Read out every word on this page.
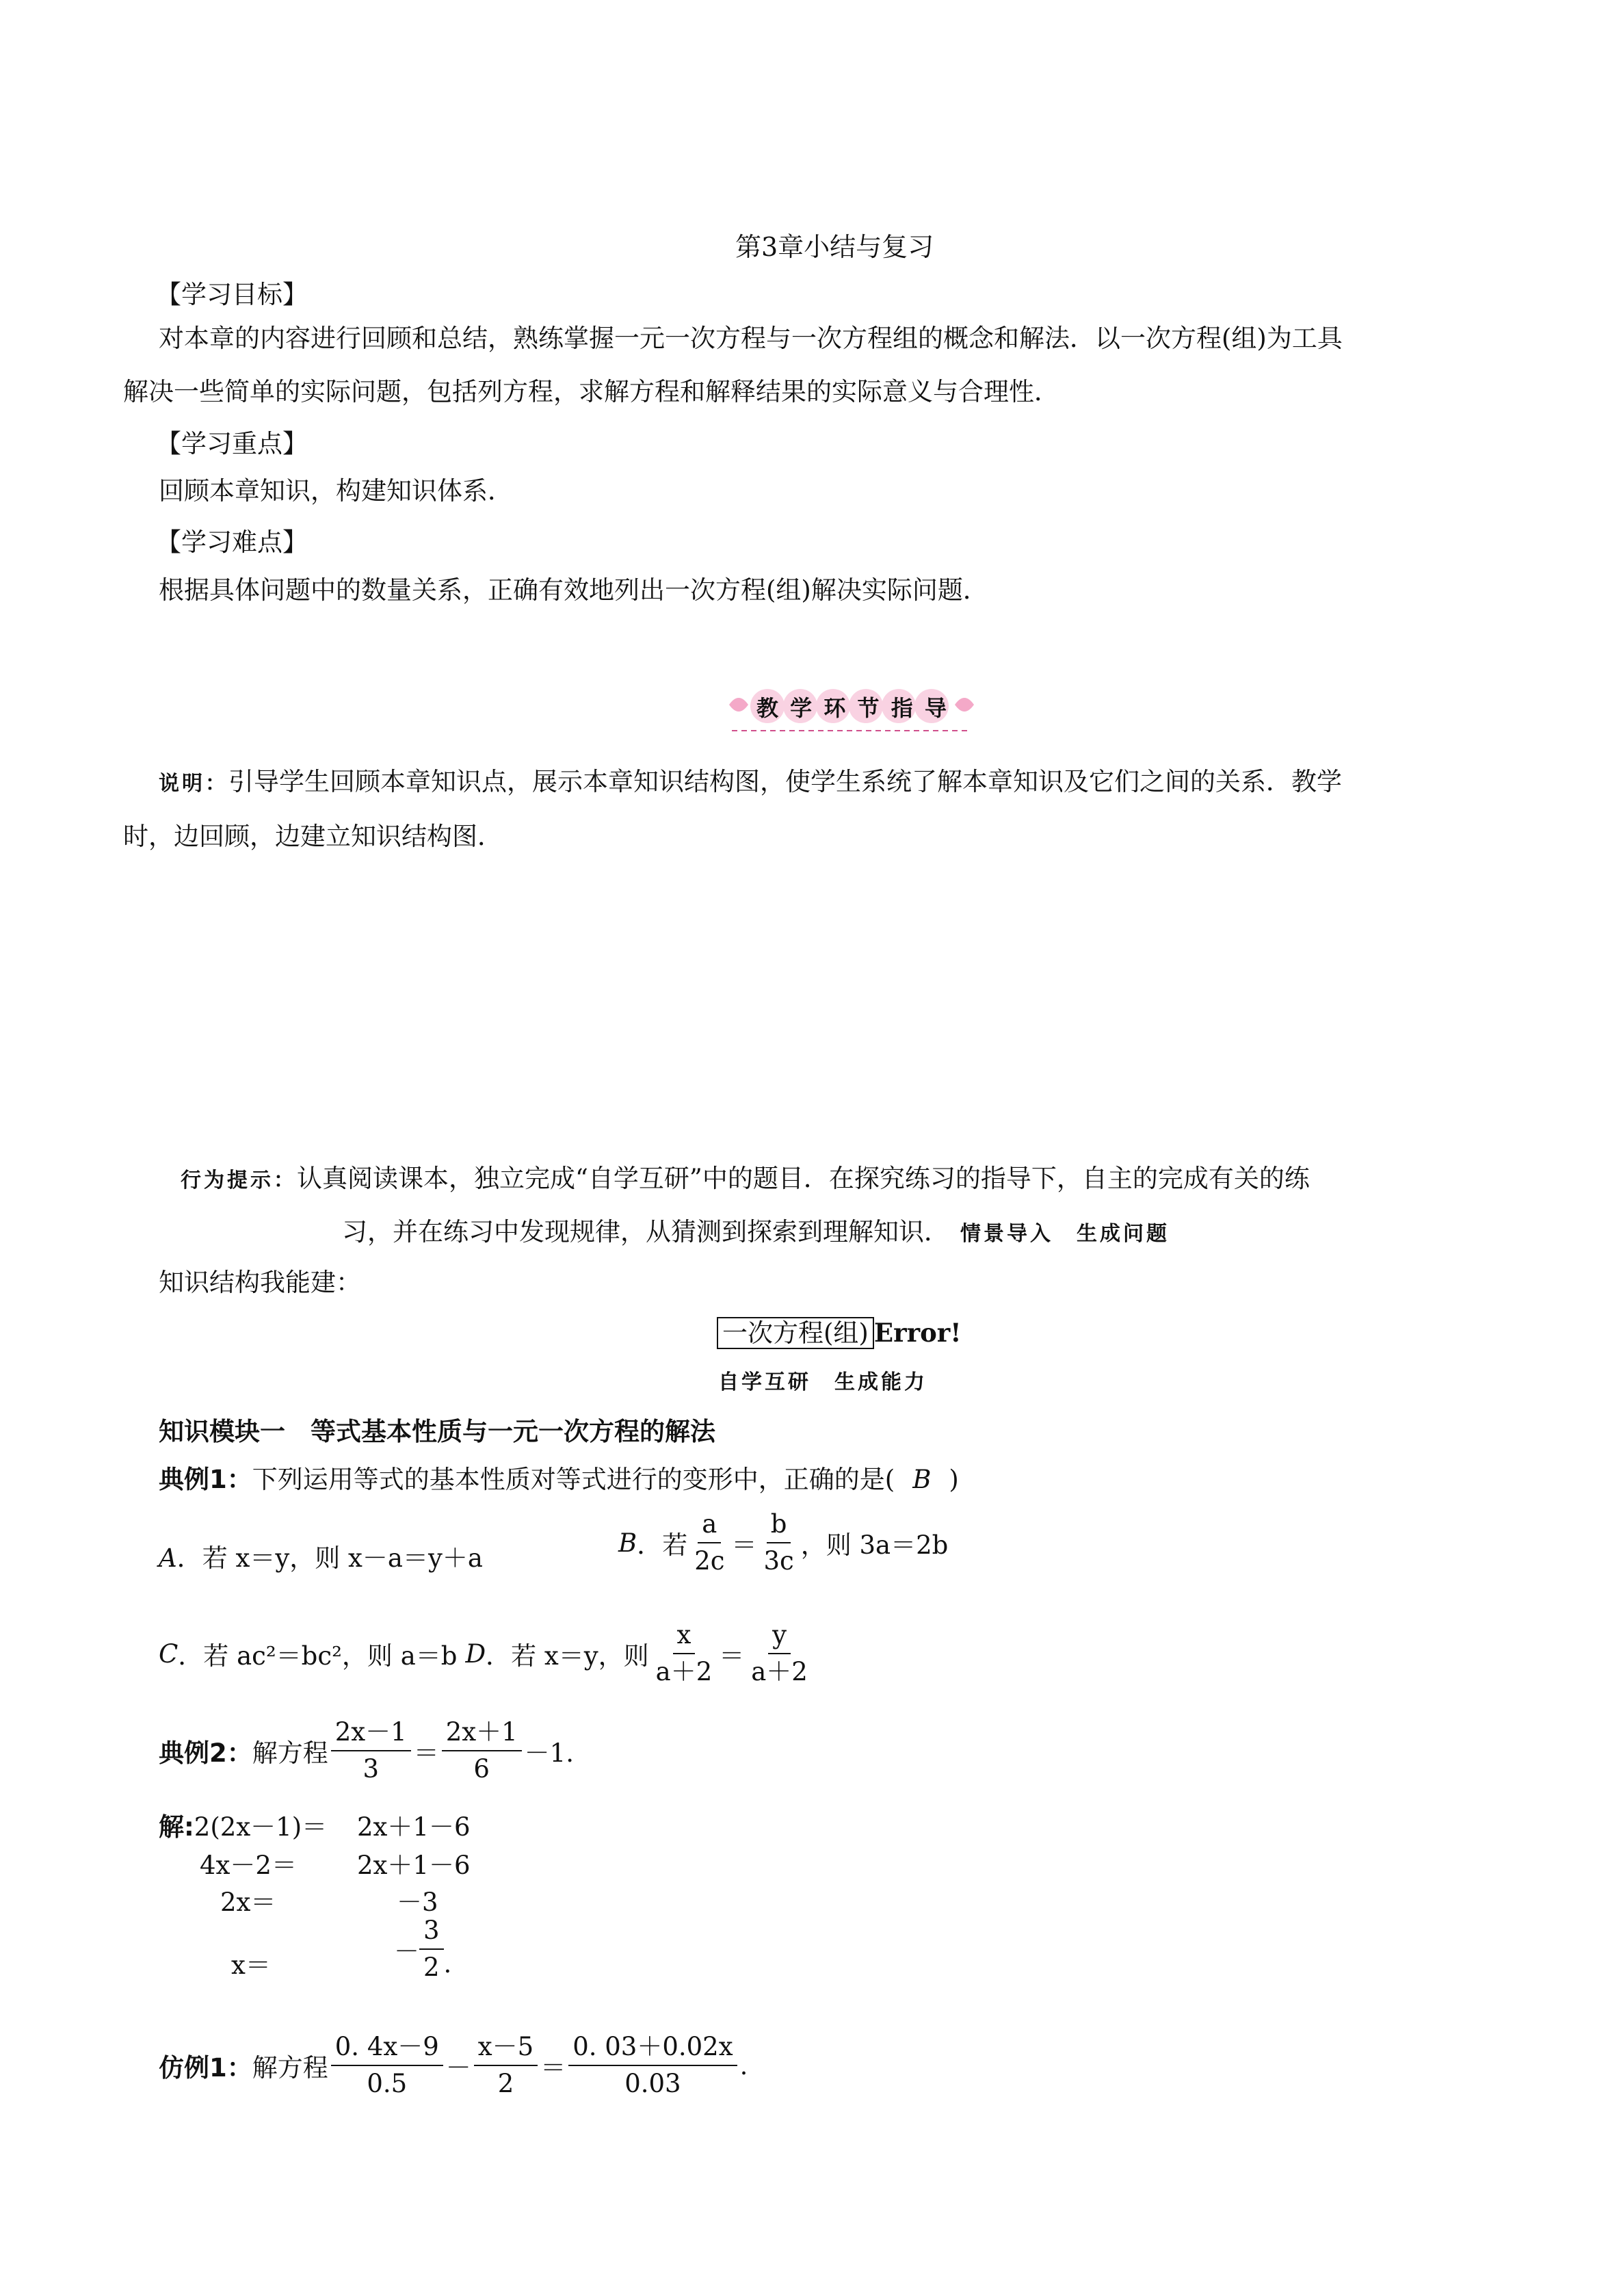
第3章小结与复习
【学习目标】
对本章的内容进行回顾和总结，熟练掌握一元一次方程与一次方程组的概念和解法．以一次方程(组)为工具
解决一些简单的实际问题，包括列方程，求解方程和解释结果的实际意义与合理性．
【学习重点】
回顾本章知识，构建知识体系．
【学习难点】
根据具体问题中的数量关系，正确有效地列出一次方程(组)解决实际问题．
教 学 环 节 指 导
说明：引导学生回顾本章知识点，展示本章知识结构图，使学生系统了解本章知识及它们之间的关系．教学
时，边回顾，边建立知识结构图．
行为提示：认真阅读课本，独立完成“自学互研”中的题目．在探究练习的指导下，自主的完成有关的练
习，并在练习中发现规律，从猜测到探索到理解知识． 情景导入　生成问题
知识结构我能建：
一次方程(组) Error!
自学互研　生成能力
知识模块一　等式基本性质与一元一次方程的解法
典例1：下列运用等式的基本性质对等式进行的变形中，正确的是( B )
A．若 x＝y，则 x－a＝y＋a
B ．若 $\frac{a}{2c} = \frac{b}{3c}$ ，则 3a＝2b
C ．若 ac²＝bc²，则 a＝b D ．若 x＝y，则 $\frac{x}{a+2} = \frac{y}{a+2}$
典例2： 解方程 $\frac{2x-1}{3} = \frac{2x+1}{6} -1$.
解:2(2x－1)＝ 2x＋1－6
4x－2＝ 2x＋1－6
2x＝	－3
x＝	－ $\frac{3}{2}$ .
仿例1： 解方程 $\frac{0. 4x-9}{0.5} - \frac{x-5}{2} = \frac{0. 03+0.02x}{0.03}$ .
